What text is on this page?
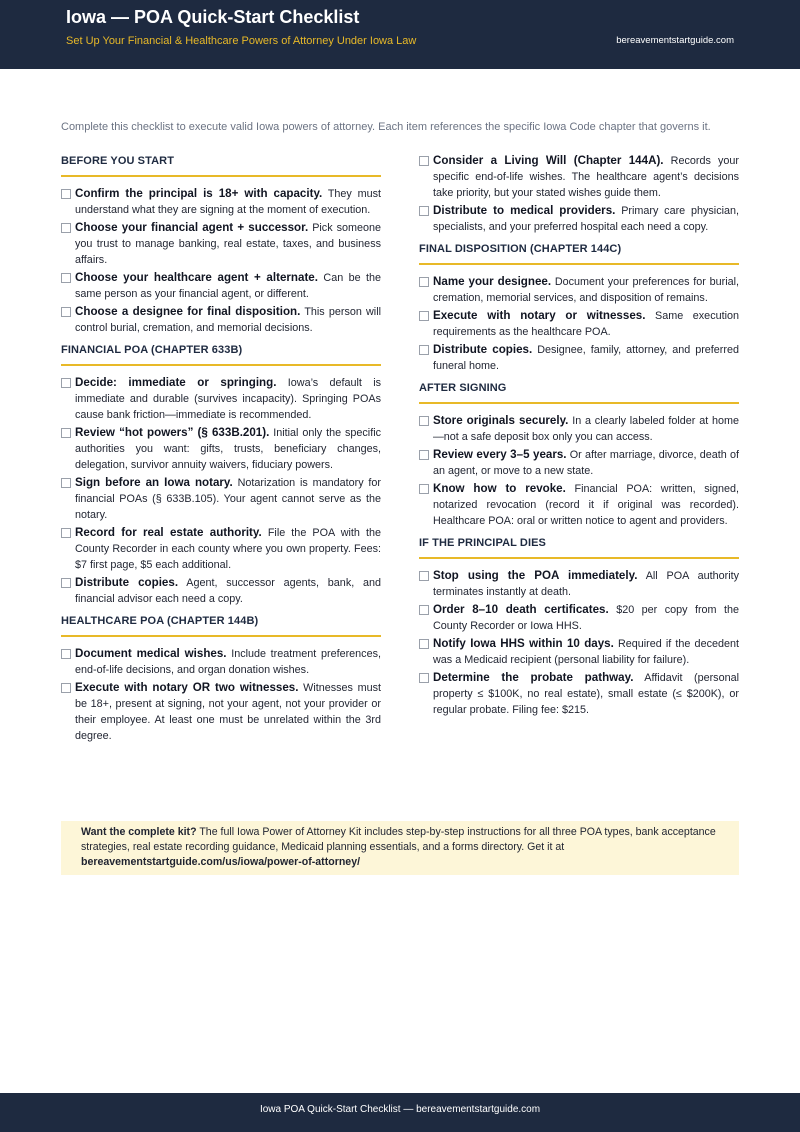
Iowa — POA Quick-Start Checklist
Set Up Your Financial & Healthcare Powers of Attorney Under Iowa Law	bereavementstartguide.com
Complete this checklist to execute valid Iowa powers of attorney. Each item references the specific Iowa Code chapter that governs it.
BEFORE YOU START
Confirm the principal is 18+ with capacity. They must understand what they are signing at the moment of execution.
Choose your financial agent + successor. Pick someone you trust to manage banking, real estate, taxes, and business affairs.
Choose your healthcare agent + alternate. Can be the same person as your financial agent, or different.
Choose a designee for final disposition. This person will control burial, cremation, and memorial decisions.
FINANCIAL POA (CHAPTER 633B)
Decide: immediate or springing. Iowa’s default is immediate and durable (survives incapacity). Springing POAs cause bank friction—immediate is recommended.
Review “hot powers” (§ 633B.201). Initial only the specific authorities you want: gifts, trusts, beneficiary changes, delegation, survivor annuity waivers, fiduciary powers.
Sign before an Iowa notary. Notarization is mandatory for financial POAs (§ 633B.105). Your agent cannot serve as the notary.
Record for real estate authority. File the POA with the County Recorder in each county where you own property. Fees: $7 first page, $5 each additional.
Distribute copies. Agent, successor agents, bank, and financial advisor each need a copy.
HEALTHCARE POA (CHAPTER 144B)
Document medical wishes. Include treatment preferences, end-of-life decisions, and organ donation wishes.
Execute with notary OR two witnesses. Witnesses must be 18+, present at signing, not your agent, not your provider or their employee. At least one must be unrelated within the 3rd degree.
Consider a Living Will (Chapter 144A). Records your specific end-of-life wishes. The healthcare agent’s decisions take priority, but your stated wishes guide them.
Distribute to medical providers. Primary care physician, specialists, and your preferred hospital each need a copy.
FINAL DISPOSITION (CHAPTER 144C)
Name your designee. Document your preferences for burial, cremation, memorial services, and disposition of remains.
Execute with notary or witnesses. Same execution requirements as the healthcare POA.
Distribute copies. Designee, family, attorney, and preferred funeral home.
AFTER SIGNING
Store originals securely. In a clearly labeled folder at home—not a safe deposit box only you can access.
Review every 3–5 years. Or after marriage, divorce, death of an agent, or move to a new state.
Know how to revoke. Financial POA: written, signed, notarized revocation (record it if original was recorded). Healthcare POA: oral or written notice to agent and providers.
IF THE PRINCIPAL DIES
Stop using the POA immediately. All POA authority terminates instantly at death.
Order 8–10 death certificates. $20 per copy from the County Recorder or Iowa HHS.
Notify Iowa HHS within 10 days. Required if the decedent was a Medicaid recipient (personal liability for failure).
Determine the probate pathway. Affidavit (personal property ≤ $100K, no real estate), small estate (≤ $200K), or regular probate. Filing fee: $215.
Want the complete kit? The full Iowa Power of Attorney Kit includes step-by-step instructions for all three POA types, bank acceptance strategies, real estate recording guidance, Medicaid planning essentials, and a forms directory. Get it at
bereavementstartguide.com/us/iowa/power-of-attorney/
Iowa POA Quick-Start Checklist — bereavementstartguide.com
